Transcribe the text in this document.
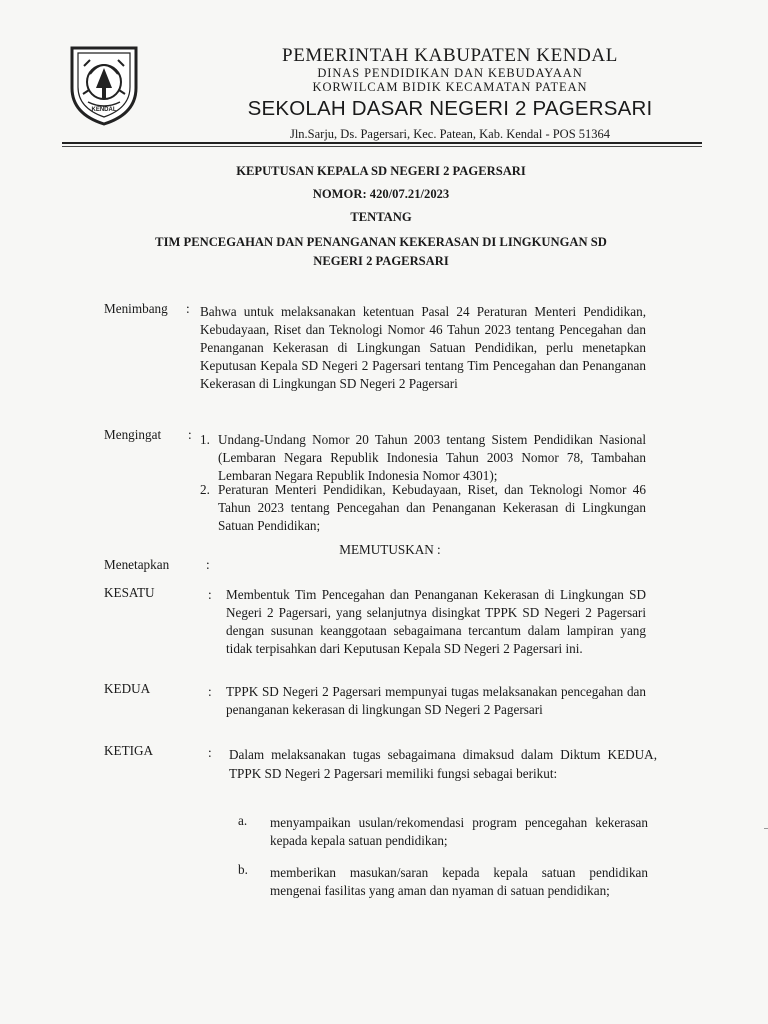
KENDAL
PEMERINTAH KABUPATEN KENDAL
DINAS PENDIDIKAN DAN KEBUDAYAAN
KORWILCAM BIDIK KECAMATAN PATEAN
SEKOLAH DASAR NEGERI 2 PAGERSARI
Jln.Sarju, Ds. Pagersari, Kec. Patean, Kab. Kendal - POS 51364
KEPUTUSAN KEPALA SD NEGERI 2 PAGERSARI
NOMOR: 420/07.21/2023
TENTANG
TIM PENCEGAHAN DAN PENANGANAN KEKERASAN DI LINGKUNGAN SD
NEGERI 2 PAGERSARI
Menimbang : Bahwa untuk melaksanakan ketentuan Pasal 24 Peraturan Menteri Pendidikan, Kebudayaan, Riset dan Teknologi Nomor 46 Tahun 2023 tentang Pencegahan dan Penanganan Kekerasan di Lingkungan Satuan Pendidikan, perlu menetapkan Keputusan Kepala SD Negeri 2 Pagersari tentang Tim Pencegahan dan Penanganan Kekerasan di Lingkungan SD Negeri 2 Pagersari
Mengingat : 1. Undang-Undang Nomor 20 Tahun 2003 tentang Sistem Pendidikan Nasional (Lembaran Negara Republik Indonesia Tahun 2003 Nomor 78, Tambahan Lembaran Negara Republik Indonesia Nomor 4301);
2. Peraturan Menteri Pendidikan, Kebudayaan, Riset, dan Teknologi Nomor 46 Tahun 2023 tentang Pencegahan dan Penanganan Kekerasan di Lingkungan Satuan Pendidikan;
MEMUTUSKAN :
Menetapkan	:
KESATU	: Membentuk Tim Pencegahan dan Penanganan Kekerasan di Lingkungan SD Negeri 2 Pagersari, yang selanjutnya disingkat TPPK SD Negeri 2 Pagersari dengan susunan keanggotaan sebagaimana tercantum dalam lampiran yang tidak terpisahkan dari Keputusan Kepala SD Negeri 2 Pagersari ini.
KEDUA	: TPPK SD Negeri 2 Pagersari mempunyai tugas melaksanakan pencegahan dan penanganan kekerasan di lingkungan SD Negeri 2 Pagersari
KETIGA	: Dalam melaksanakan tugas sebagaimana dimaksud dalam Diktum KEDUA, TPPK SD Negeri 2 Pagersari memiliki fungsi sebagai berikut:
a. menyampaikan usulan/rekomendasi program pencegahan kekerasan kepada kepala satuan pendidikan;
b. memberikan masukan/saran kepada kepala satuan pendidikan mengenai fasilitas yang aman dan nyaman di satuan pendidikan;
